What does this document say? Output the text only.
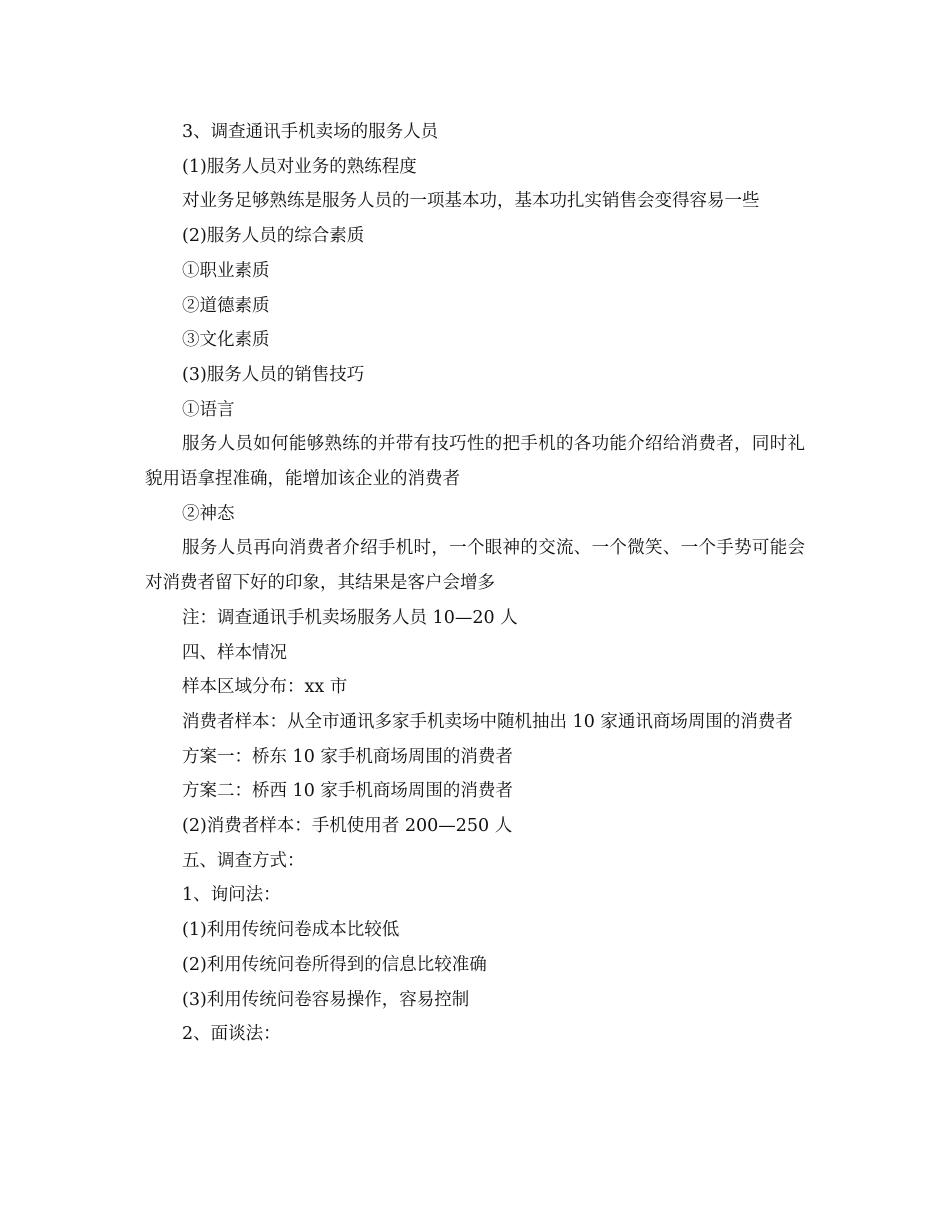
3、调查通讯手机卖场的服务人员

(1)服务人员对业务的熟练程度

对业务足够熟练是服务人员的一项基本功，基本功扎实销售会变得容易一些

(2)服务人员的综合素质

①职业素质

②道德素质

③文化素质

(3)服务人员的销售技巧

①语言

服务人员如何能够熟练的并带有技巧性的把手机的各功能介绍给消费者，同时礼貌用语拿捏准确，能增加该企业的消费者

②神态

服务人员再向消费者介绍手机时，一个眼神的交流、一个微笑、一个手势可能会对消费者留下好的印象，其结果是客户会增多

注：调查通讯手机卖场服务人员 10—20 人

四、样本情况

样本区域分布：xx 市

消费者样本：从全市通讯多家手机卖场中随机抽出 10 家通讯商场周围的消费者

方案一：桥东 10 家手机商场周围的消费者

方案二：桥西 10 家手机商场周围的消费者

(2)消费者样本：手机使用者 200—250 人

五、调查方式：

1、询问法：

(1)利用传统问卷成本比较低

(2)利用传统问卷所得到的信息比较准确

(3)利用传统问卷容易操作，容易控制

2、面谈法：
